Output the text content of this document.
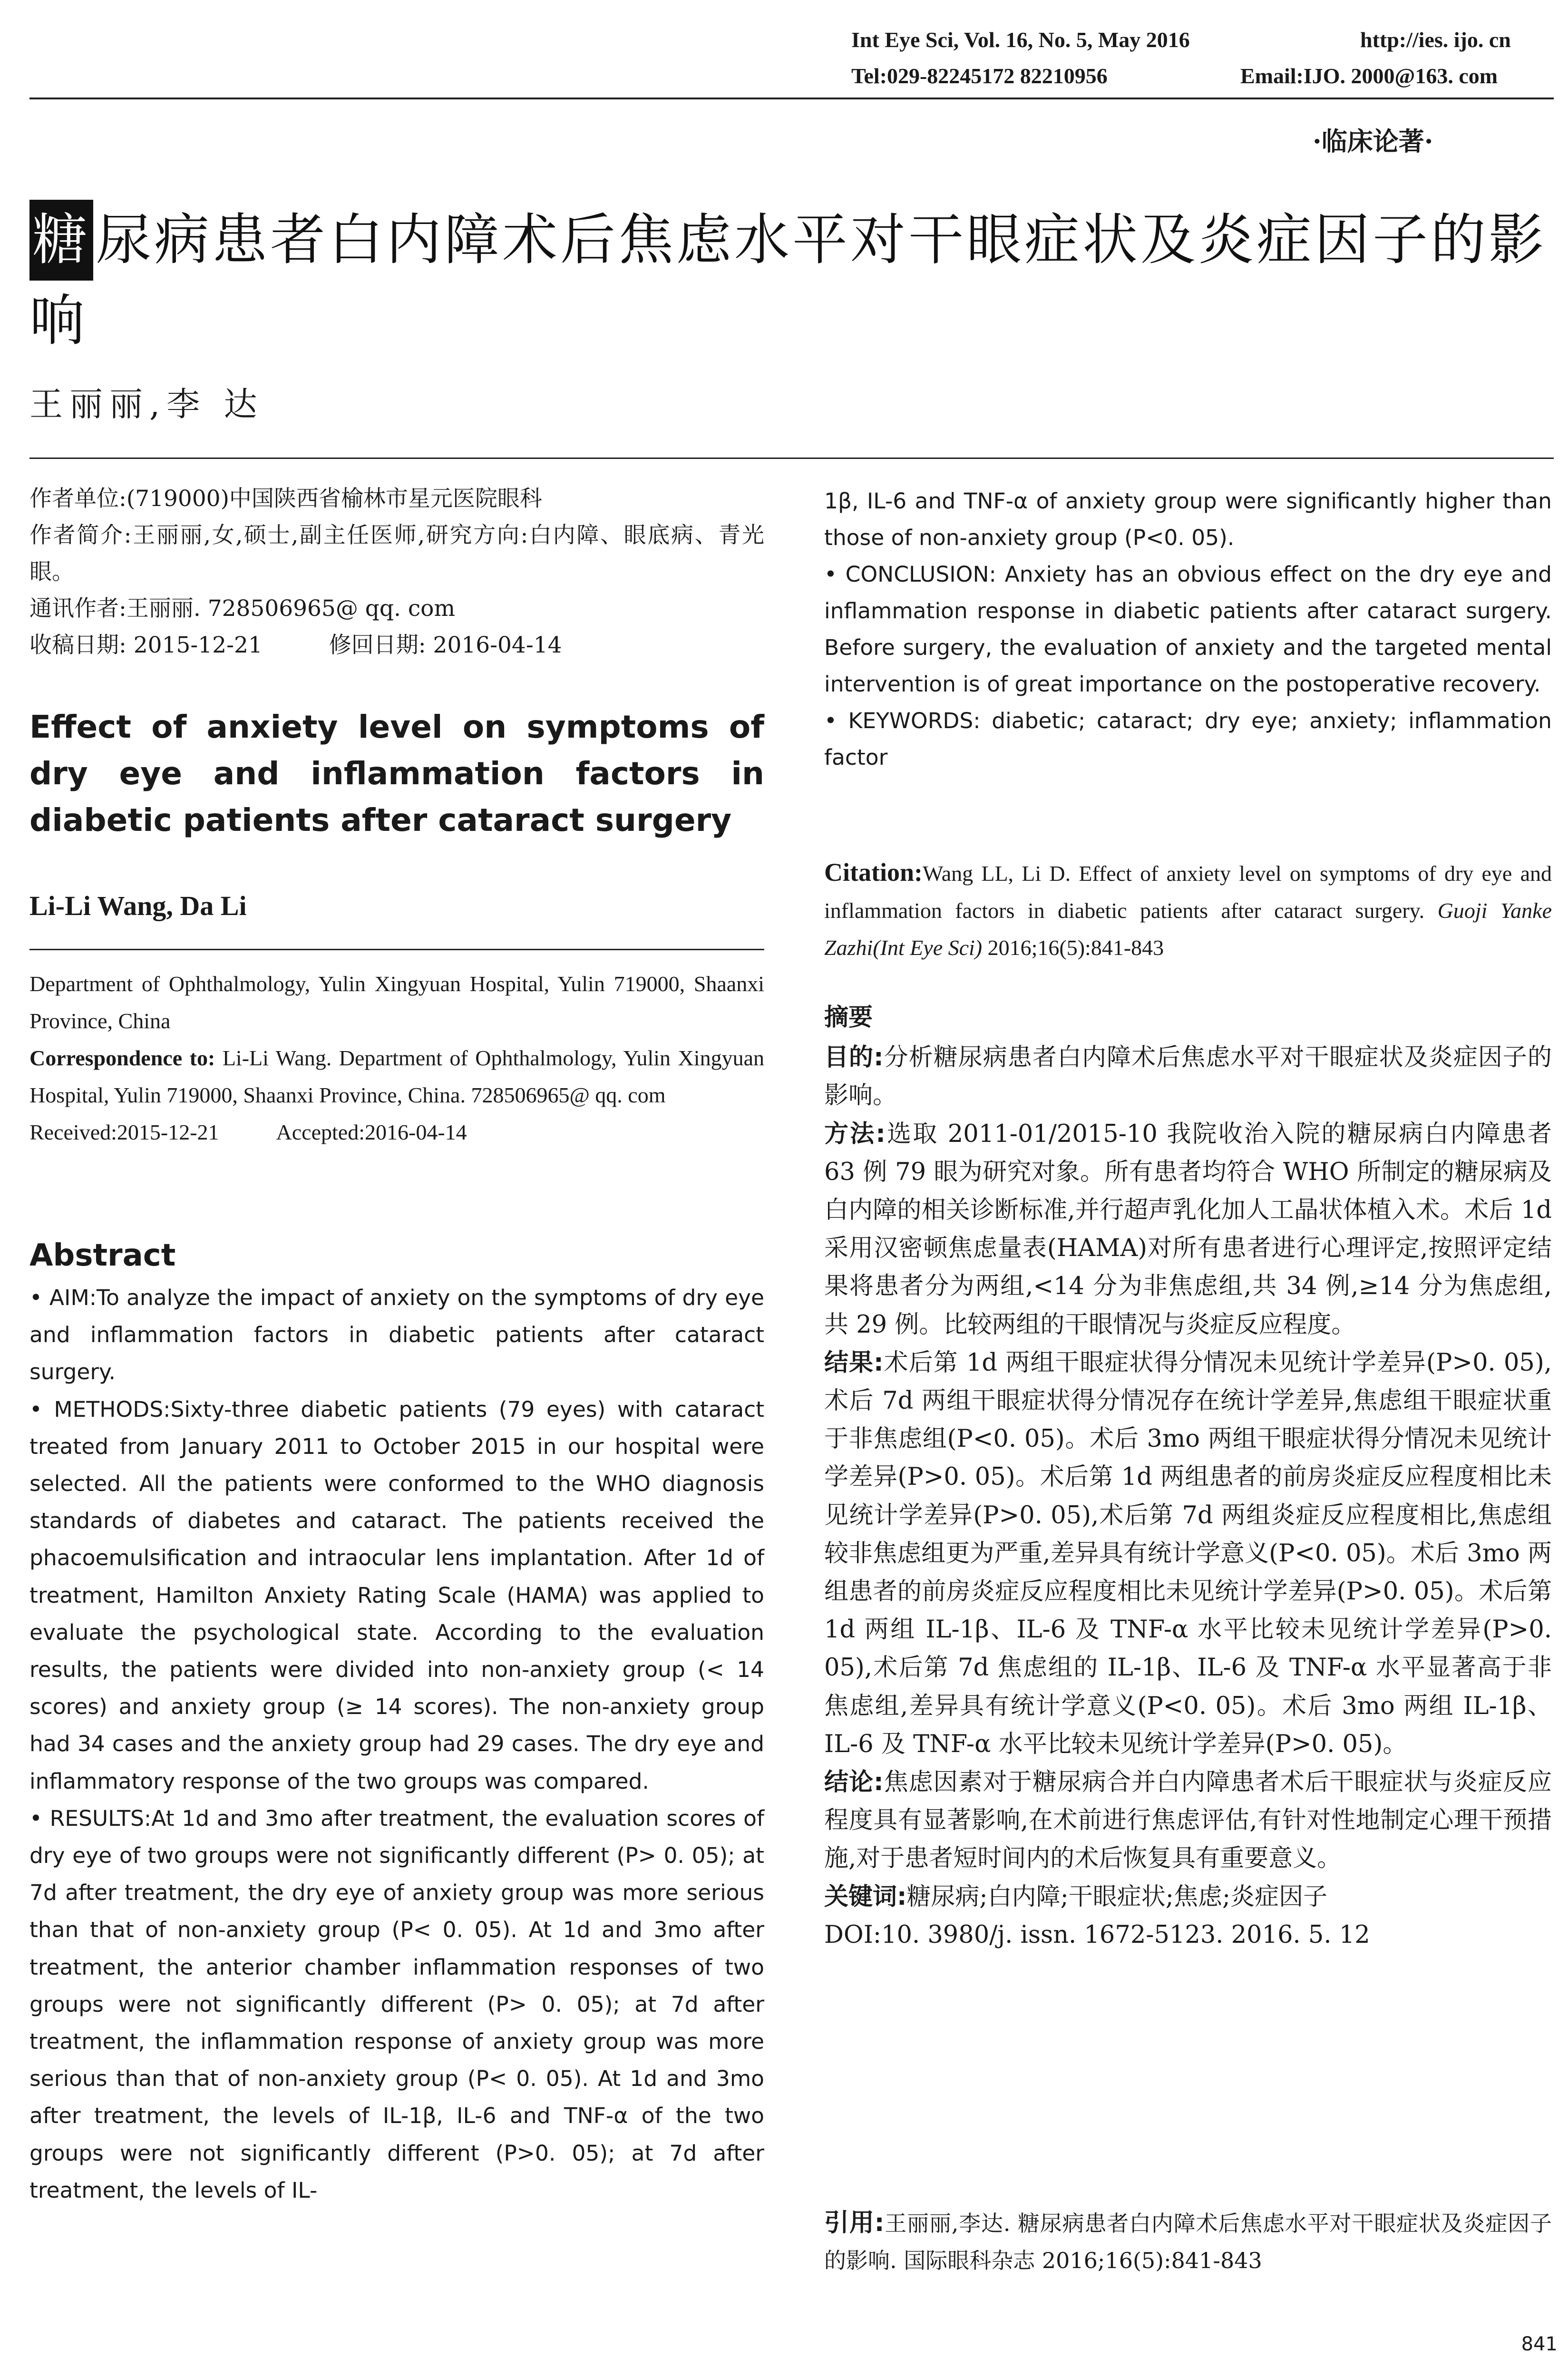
Int Eye Sci, Vol. 16, No. 5, May 2016	http://ies. ijo. cn
Tel:029-82245172 82210956	Email:IJO. 2000@163. com
·临床论著·
糖 尿病患者白内障术后焦虑水平对干眼症状及炎症因子的影响
王丽丽,李 达
作者单位:(719000)中国陕西省榆林市星元医院眼科
作者简介:王丽丽,女,硕士,副主任医师,研究方向:白内障、眼底病、青光眼。
通讯作者:王丽丽. 728506965@ qq. com
收稿日期: 2015-12-21	修回日期: 2016-04-14
Effect of anxiety level on symptoms of dry eye and inflammation factors in diabetic patients after cataract surgery
Li-Li Wang, Da Li

Department of Ophthalmology, Yulin Xingyuan Hospital, Yulin 719000, Shaanxi Province, China

Correspondence to: Li-Li Wang. Department of Ophthalmology, Yulin Xingyuan Hospital, Yulin 719000, Shaanxi Province, China. 728506965@ qq. com

Received:2015-12-21	Accepted:2016-04-14

Abstract

• AIM:To analyze the impact of anxiety on the symptoms of dry eye and inflammation factors in diabetic patients after cataract surgery.

• METHODS:Sixty-three diabetic patients (79 eyes) with cataract treated from January 2011 to October 2015 in our hospital were selected. All the patients were conformed to the WHO diagnosis standards of diabetes and cataract. The patients received the phacoemulsification and intraocular lens implantation. After 1d of treatment, Hamilton Anxiety Rating Scale (HAMA) was applied to evaluate the psychological state. According to the evaluation results, the patients were divided into non-anxiety group (< 14 scores) and anxiety group (≥ 14 scores). The non-anxiety group had 34 cases and the anxiety group had 29 cases. The dry eye and inflammatory response of the two groups was compared.

• RESULTS:At 1d and 3mo after treatment, the evaluation scores of dry eye of two groups were not significantly different (P> 0. 05); at 7d after treatment, the dry eye of anxiety group was more serious than that of non-anxiety group (P< 0. 05). At 1d and 3mo after treatment, the anterior chamber inflammation responses of two groups were not significantly different (P> 0. 05); at 7d after treatment, the inflammation response of anxiety group was more serious than that of non-anxiety group (P< 0. 05). At 1d and 3mo after treatment, the levels of IL-1β, IL-6 and TNF-α of the two groups were not significantly different (P>0. 05); at 7d after treatment, the levels of IL-

1β, IL-6 and TNF-α of anxiety group were significantly higher than those of non-anxiety group (P<0. 05).

• CONCLUSION: Anxiety has an obvious effect on the dry eye and inflammation response in diabetic patients after cataract surgery. Before surgery, the evaluation of anxiety and the targeted mental intervention is of great importance on the postoperative recovery.

• KEYWORDS: diabetic; cataract; dry eye; anxiety; inflammation factor

Citation:Wang LL, Li D. Effect of anxiety level on symptoms of dry eye and inflammation factors in diabetic patients after cataract surgery. Guoji Yanke Zazhi(Int Eye Sci) 2016;16(5):841-843

摘要

目的:分析糖尿病患者白内障术后焦虑水平对干眼症状及炎症因子的影响。

方法:选取 2011-01/2015-10 我院收治入院的糖尿病白内障患者 63 例 79 眼为研究对象。所有患者均符合 WHO 所制定的糖尿病及白内障的相关诊断标准,并行超声乳化加人工晶状体植入术。术后 1d 采用汉密顿焦虑量表(HAMA)对所有患者进行心理评定,按照评定结果将患者分为两组,<14 分为非焦虑组,共 34 例,≥14 分为焦虑组,共 29 例。比较两组的干眼情况与炎症反应程度。

结果:术后第 1d 两组干眼症状得分情况未见统计学差异(P>0. 05),术后 7d 两组干眼症状得分情况存在统计学差异,焦虑组干眼症状重于非焦虑组(P<0. 05)。术后 3mo 两组干眼症状得分情况未见统计学差异(P>0. 05)。术后第 1d 两组患者的前房炎症反应程度相比未见统计学差异(P>0. 05),术后第 7d 两组炎症反应程度相比,焦虑组较非焦虑组更为严重,差异具有统计学意义(P<0. 05)。术后 3mo 两组患者的前房炎症反应程度相比未见统计学差异(P>0. 05)。术后第 1d 两组 IL-1β、IL-6 及 TNF-α 水平比较未见统计学差异(P>0. 05),术后第 7d 焦虑组的 IL-1β、IL-6 及 TNF-α 水平显著高于非焦虑组,差异具有统计学意义(P<0. 05)。术后 3mo 两组 IL-1β、IL-6 及 TNF-α 水平比较未见统计学差异(P>0. 05)。

结论:焦虑因素对于糖尿病合并白内障患者术后干眼症状与炎症反应程度具有显著影响,在术前进行焦虑评估,有针对性地制定心理干预措施,对于患者短时间内的术后恢复具有重要意义。

关键词:糖尿病;白内障;干眼症状;焦虑;炎症因子

DOI:10. 3980/j. issn. 1672-5123. 2016. 5. 12

引用:王丽丽,李达. 糖尿病患者白内障术后焦虑水平对干眼症状及炎症因子的影响. 国际眼科杂志 2016;16(5):841-843

841
